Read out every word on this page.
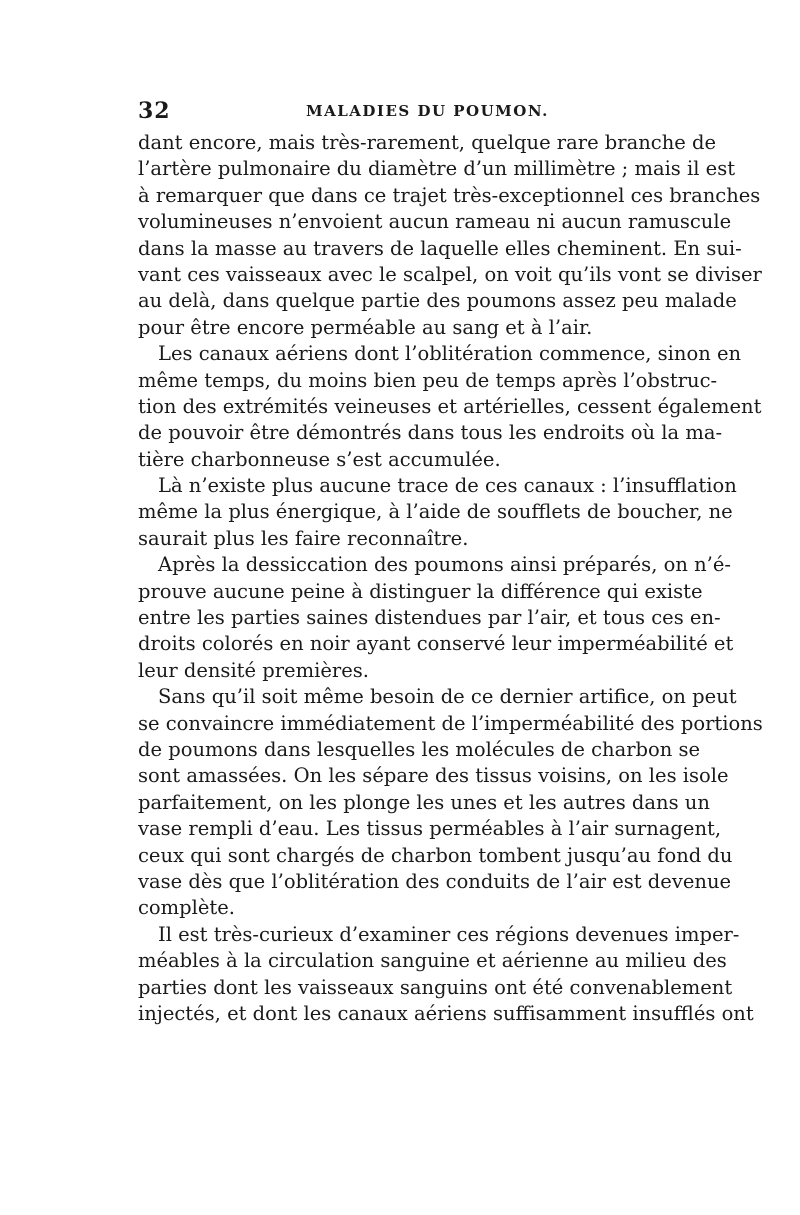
32	MALADIES DU POUMON.
dant encore, mais très-rarement, quelque rare branche de
l’artère pulmonaire du diamètre d’un millimètre ; mais il est
à remarquer que dans ce trajet très-exceptionnel ces branches
volumineuses n’envoient aucun rameau ni aucun ramuscule
dans la masse au travers de laquelle elles cheminent. En sui-
vant ces vaisseaux avec le scalpel, on voit qu’ils vont se diviser
au delà, dans quelque partie des poumons assez peu malade
pour être encore perméable au sang et à l’air.
Les canaux aériens dont l’oblitération commence, sinon en
même temps, du moins bien peu de temps après l’obstruc-
tion des extrémités veineuses et artérielles, cessent également
de pouvoir être démontrés dans tous les endroits où la ma-
tière charbonneuse s’est accumulée.
Là n’existe plus aucune trace de ces canaux : l’insufflation
même la plus énergique, à l’aide de soufflets de boucher, ne
saurait plus les faire reconnaître.
Après la dessiccation des poumons ainsi préparés, on n’é-
prouve aucune peine à distinguer la différence qui existe
entre les parties saines distendues par l’air, et tous ces en-
droits colorés en noir ayant conservé leur imperméabilité et
leur densité premières.
Sans qu’il soit même besoin de ce dernier artifice, on peut
se convaincre immédiatement de l’imperméabilité des portions
de poumons dans lesquelles les molécules de charbon se
sont amassées. On les sépare des tissus voisins, on les isole
parfaitement, on les plonge les unes et les autres dans un
vase rempli d’eau. Les tissus perméables à l’air surnagent,
ceux qui sont chargés de charbon tombent jusqu’au fond du
vase dès que l’oblitération des conduits de l’air est devenue
complète.
Il est très-curieux d’examiner ces régions devenues imper-
méables à la circulation sanguine et aérienne au milieu des
parties dont les vaisseaux sanguins ont été convenablement
injectés, et dont les canaux aériens suffisamment insufflés ont
